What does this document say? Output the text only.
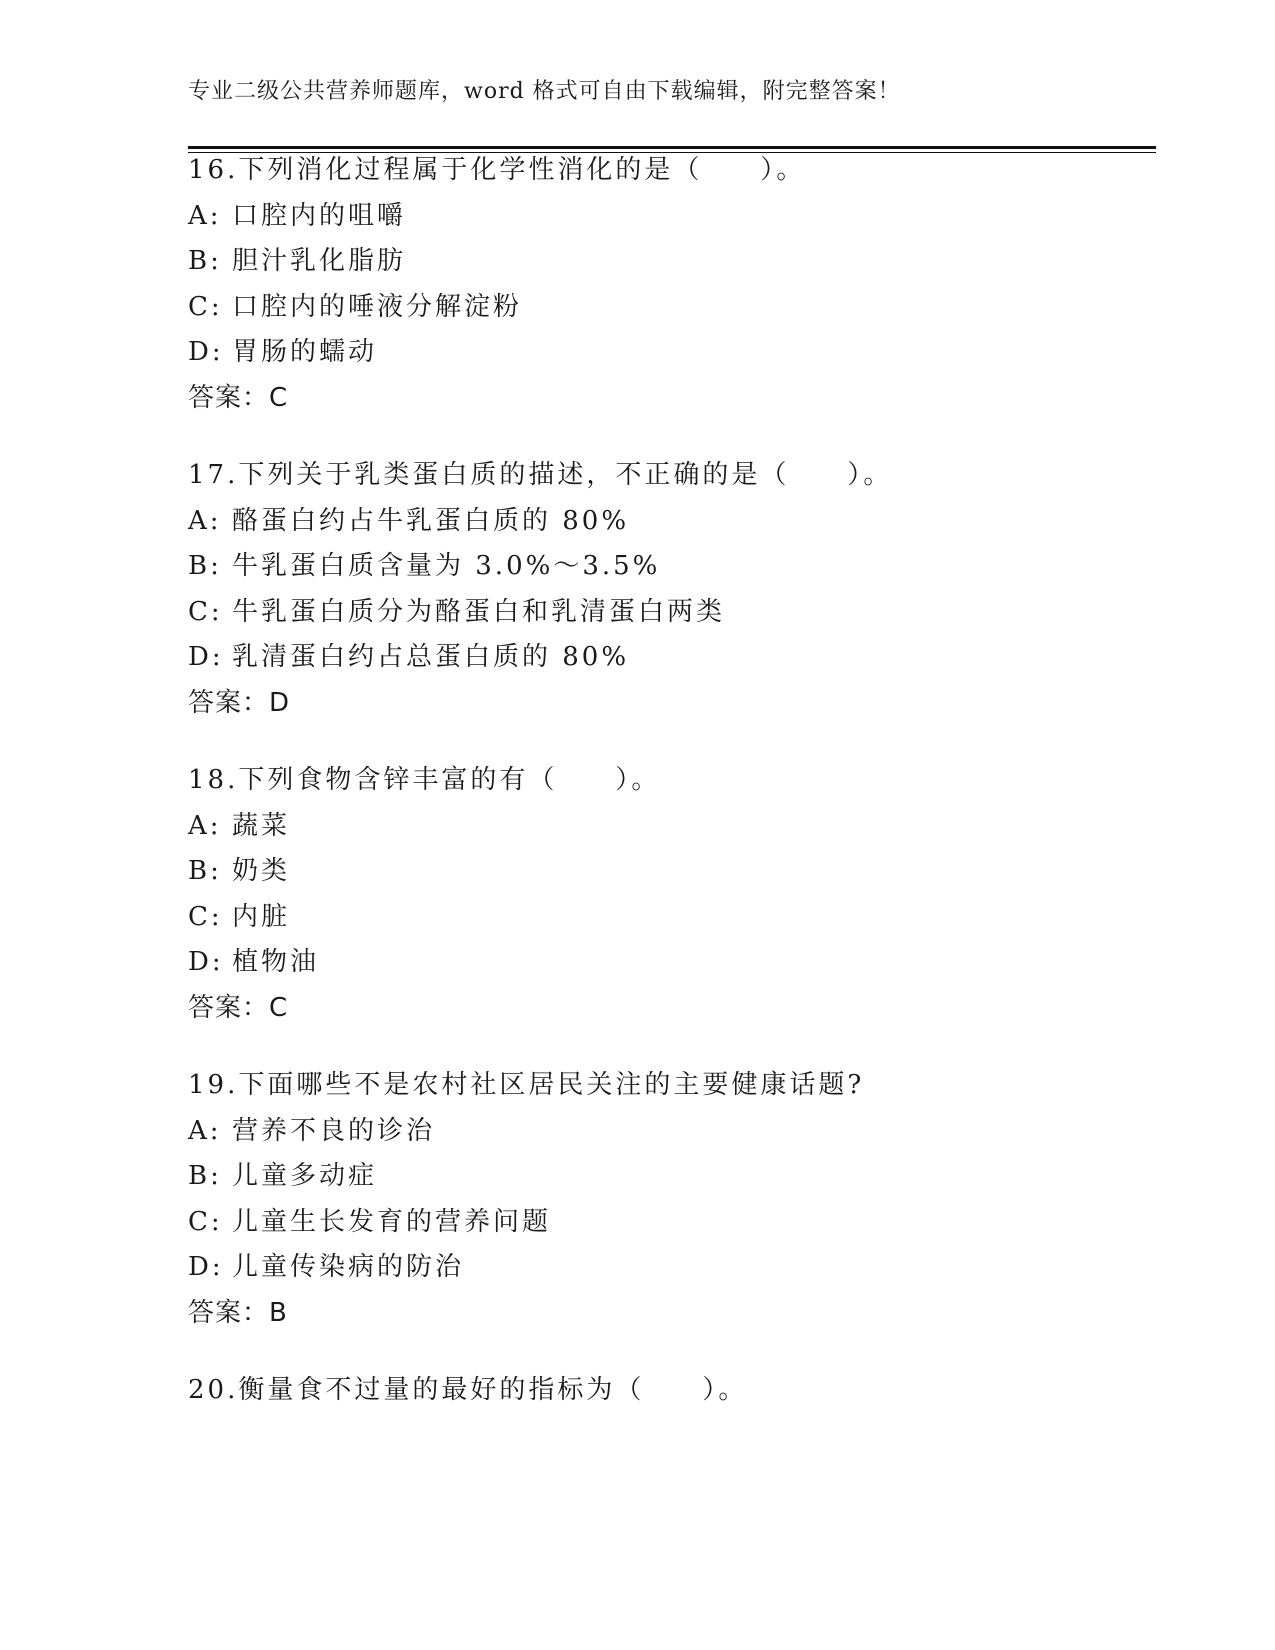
专业二级公共营养师题库，word 格式可自由下载编辑，附完整答案！
16.下列消化过程属于化学性消化的是（　　）。
A: 口腔内的咀嚼
B: 胆汁乳化脂肪
C: 口腔内的唾液分解淀粉
D: 胃肠的蠕动
答案：C
17.下列关于乳类蛋白质的描述，不正确的是（　　）。
A: 酪蛋白约占牛乳蛋白质的 80%
B: 牛乳蛋白质含量为 3.0%～3.5%
C: 牛乳蛋白质分为酪蛋白和乳清蛋白两类
D: 乳清蛋白约占总蛋白质的 80%
答案：D
18.下列食物含锌丰富的有（　　）。
A: 蔬菜
B: 奶类
C: 内脏
D: 植物油
答案：C
19.下面哪些不是农村社区居民关注的主要健康话题?
A: 营养不良的诊治
B: 儿童多动症
C: 儿童生长发育的营养问题
D: 儿童传染病的防治
答案：B
20.衡量食不过量的最好的指标为（　　）。
